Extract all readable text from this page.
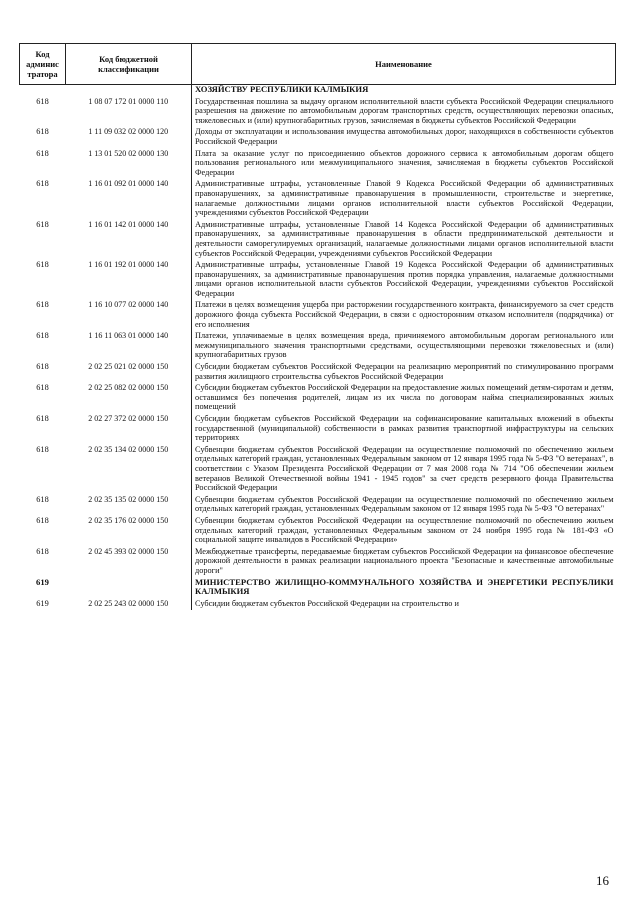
Код админис тратора	Код бюджетной классификации	Наименование
		ХОЗЯЙСТВУ РЕСПУБЛИКИ КАЛМЫКИЯ
618	1 08 07 172 01 0000 110	Государственная пошлина за выдачу органом исполнительной власти субъекта Российской Федерации специального разрешения на движение по автомобильным дорогам транспортных средств, осуществляющих перевозки опасных, тяжеловесных и (или) крупногабаритных грузов, зачисляемая в бюджеты субъектов Российской Федерации
618	1 11 09 032 02 0000 120	Доходы от эксплуатации и использования имущества автомобильных дорог, находящихся в собственности субъектов Российской Федерации
618	1 13 01 520 02 0000 130	Плата за оказание услуг по присоединению объектов дорожного сервиса к автомобильным дорогам общего пользования регионального или межмуниципального значения, зачисляемая в бюджеты субъектов Российской Федерации
618	1 16 01 092 01 0000 140	Административные штрафы, установленные Главой 9 Кодекса Российской Федерации об административных правонарушениях, за административные правонарушения в промышленности, строительстве и энергетике, налагаемые должностными лицами органов исполнительной власти субъектов Российской Федерации, учреждениями субъектов Российской Федерации
618	1 16 01 142 01 0000 140	Административные штрафы, установленные Главой 14 Кодекса Российской Федерации об административных правонарушениях, за административные правонарушения в области предпринимательской деятельности и деятельности саморегулируемых организаций, налагаемые должностными лицами органов исполнительной власти субъектов Российской Федерации, учреждениями субъектов Российской Федерации
618	1 16 01 192 01 0000 140	Административные штрафы, установленные Главой 19 Кодекса Российской Федерации об административных правонарушениях, за административные правонарушения против порядка управления, налагаемые должностными лицами органов исполнительной власти субъектов Российской Федерации, учреждениями субъектов Российской Федерации
618	1 16 10 077 02 0000 140	Платежи в целях возмещения ущерба при расторжении государственного контракта, финансируемого за счет средств дорожного фонда субъекта Российской Федерации, в связи с односторонним отказом исполнителя (подрядчика) от его исполнения
618	1 16 11 063 01 0000 140	Платежи, уплачиваемые в целях возмещения вреда, причиняемого автомобильным дорогам регионального или межмуниципального значения транспортными средствами, осуществляющими перевозки тяжеловесных и (или) крупногабаритных грузов
618	2 02 25 021 02 0000 150	Субсидии бюджетам субъектов Российской Федерации на реализацию мероприятий по стимулированию программ развития жилищного строительства субъектов Российской Федерации
618	2 02 25 082 02 0000 150	Субсидии бюджетам субъектов Российской Федерации на предоставление жилых помещений детям-сиротам и детям, оставшимся без попечения родителей, лицам из их числа по договорам найма специализированных жилых помещений
618	2 02 27 372 02 0000 150	Субсидии бюджетам субъектов Российской Федерации на софинансирование капитальных вложений в объекты государственной (муниципальной) собственности в рамках развития транспортной инфраструктуры на сельских территориях
618	2 02 35 134 02 0000 150	Субвенции бюджетам субъектов Российской Федерации на осуществление полномочий по обеспечению жильем отдельных категорий граждан, установленных Федеральным законом от 12 января 1995 года № 5-ФЗ "О ветеранах", в соответствии с Указом Президента Российской Федерации от 7 мая 2008 года № 714 "Об обеспечении жильем ветеранов Великой Отечественной войны 1941 - 1945 годов" за счет средств резервного фонда Правительства Российской Федерации
618	2 02 35 135 02 0000 150	Субвенции бюджетам субъектов Российской Федерации на осуществление полномочий по обеспечению жильем отдельных категорий граждан, установленных Федеральным законом от 12 января 1995 года № 5-ФЗ "О ветеранах"
618	2 02 35 176 02 0000 150	Субвенции бюджетам субъектов Российской Федерации на осуществление полномочий по обеспечению жильем отдельных категорий граждан, установленных Федеральным законом от 24 ноября 1995 года № 181-ФЗ «О социальной защите инвалидов в Российской Федерации»
618	2 02 45 393 02 0000 150	Межбюджетные трансферты, передаваемые бюджетам субъектов Российской Федерации на финансовое обеспечение дорожной деятельности в рамках реализации национального проекта "Безопасные и качественные автомобильные дороги"
619		МИНИСТЕРСТВО ЖИЛИЩНО-КОММУНАЛЬНОГО ХОЗЯЙСТВА И ЭНЕРГЕТИКИ РЕСПУБЛИКИ КАЛМЫКИЯ
619	2 02 25 243 02 0000 150	Субсидии бюджетам субъектов Российской Федерации на строительство и
16
